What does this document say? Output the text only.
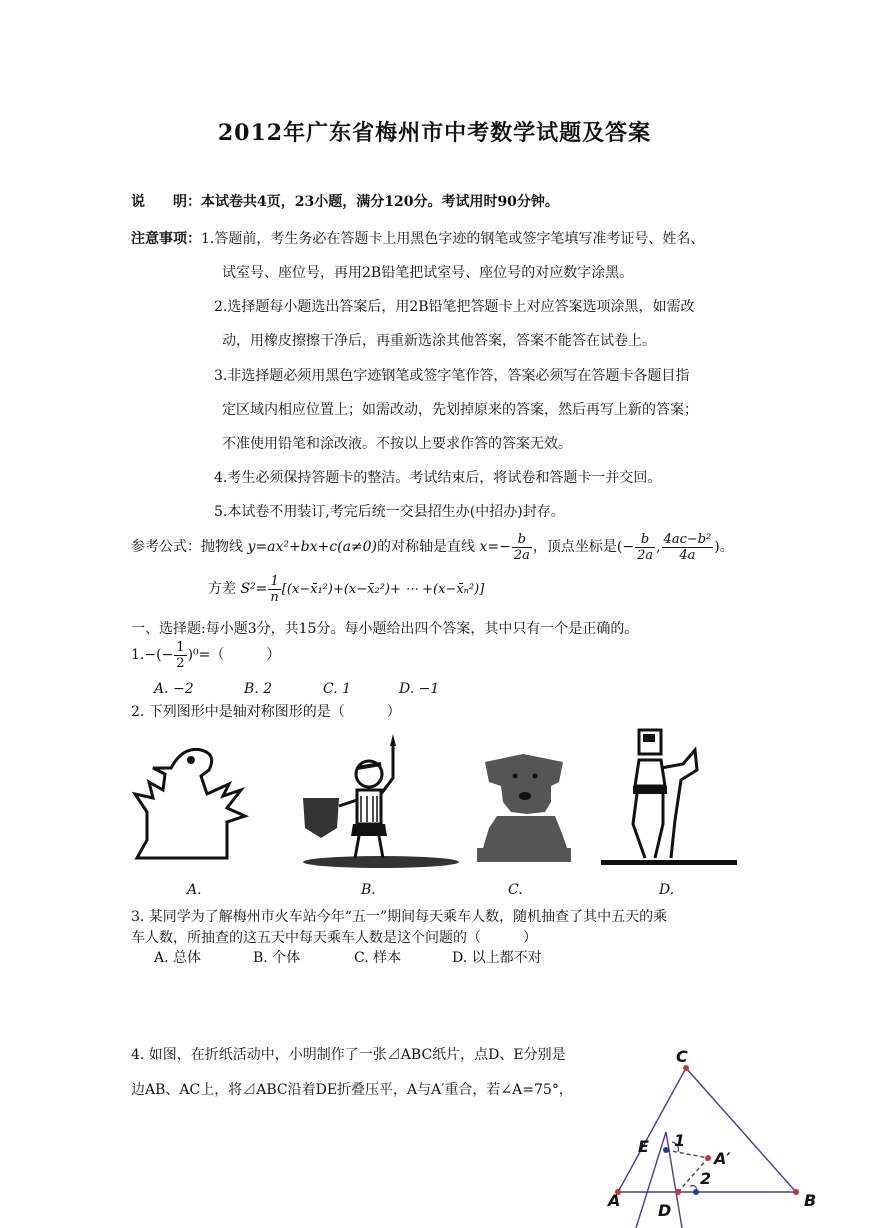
2012年广东省梅州市中考数学试题及答案
说　　明：本试卷共4页，23小题，满分120分。考试用时90分钟。
注意事项：1.答题前，考生务必在答题卡上用黑色字迹的钢笔或签字笔填写准考证号、姓名、
试室号、座位号，再用2B铅笔把试室号、座位号的对应数字涂黑。
2.选择题每小题选出答案后，用2B铅笔把答题卡上对应答案选项涂黑，如需改
动，用橡皮擦擦干净后，再重新选涂其他答案，答案不能答在试卷上。
3.非选择题必须用黑色字迹钢笔或签字笔作答，答案必须写在答题卡各题目指
定区域内相应位置上；如需改动，先划掉原来的答案，然后再写上新的答案；
不准使用铅笔和涂改液。不按以上要求作答的答案无效。
4.考生必须保持答题卡的整洁。考试结束后，将试卷和答题卡一并交回。
5.本试卷不用装订,考完后统一交县招生办(中招办)封存。
参考公式：抛物线 y=ax²+bx+c(a≠0)的对称轴是直线 $x=- \frac{b}{2a}$ ，顶点坐标是(− $\frac{b}{2a}$ , $\frac{\text{4ac−b²}}{4a}$ )。
方差 $S^2= \frac{1}{n}$ [(x−x̄₁²)+(x−x̄₂²)+ ⋯ +(x−x̄ₙ²)]
一、选择题:每小题3分，共15分。每小题给出四个答案，其中只有一个是正确的。
$1.-(- \frac{1}{2} )^0=$（　　　）
A. −2	B. 2	C. 1	D. −1
2. 下列图形中是轴对称图形的是（　　　）
A.	B.	C.	D.
3. 某同学为了解梅州市火车站今年“五一”期间每天乘车人数，随机抽查了其中五天的乘
车人数，所抽查的这五天中每天乘车人数是这个问题的（　　　）
A. 总体	B. 个体	C. 样本	D. 以上都不对
4. 如图，在折纸活动中，小明制作了一张⊿ABC纸片，点D、E分别是
边AB、AC上，将⊿ABC沿着DE折叠压平，A与A′重合，若∠A=75°，
C
E 1
A′
2
A
D
B
